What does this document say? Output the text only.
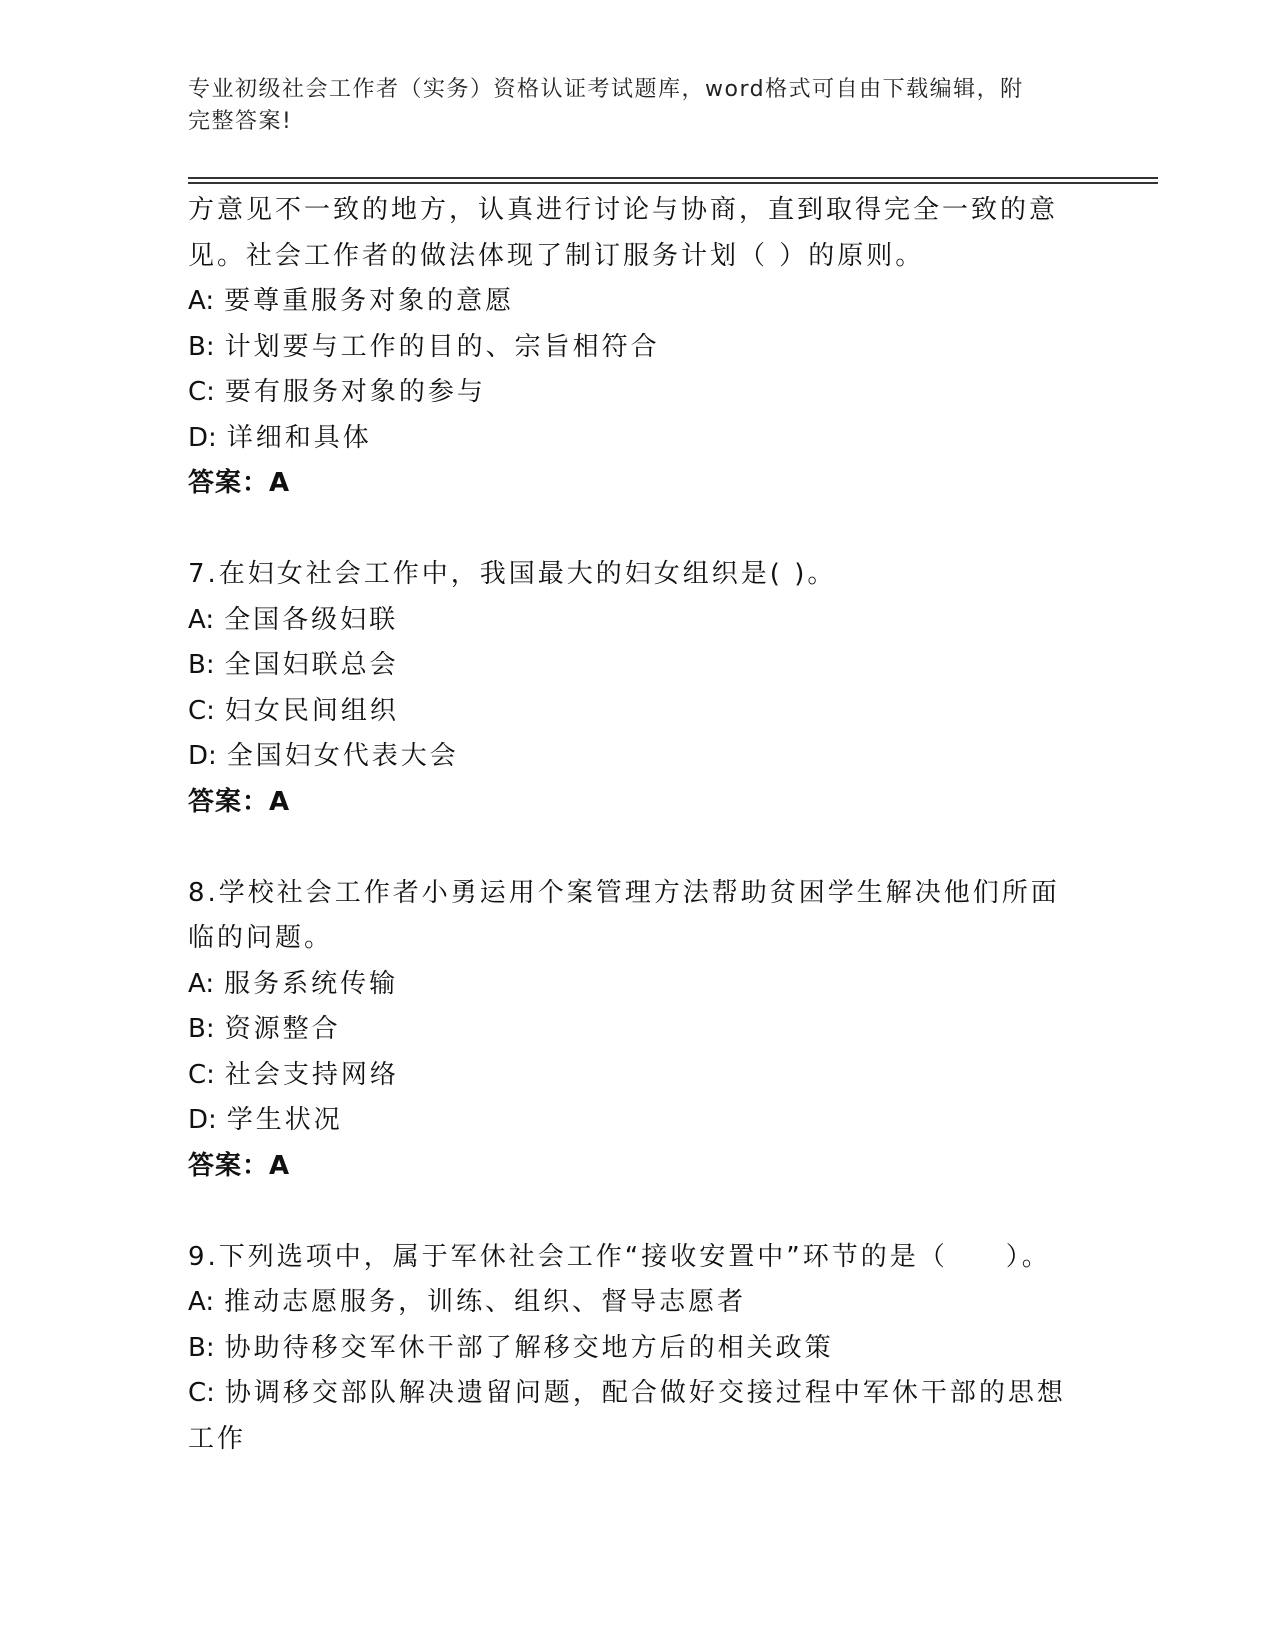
专业初级社会工作者（实务）资格认证考试题库，word格式可自由下载编辑，附
完整答案!
方意见不一致的地方，认真进行讨论与协商，直到取得完全一致的意
见。社会工作者的做法体现了制订服务计划（ ）的原则。
A: 要尊重服务对象的意愿
B: 计划要与工作的目的、宗旨相符合
C: 要有服务对象的参与
D: 详细和具体
答案：A
7.在妇女社会工作中，我国最大的妇女组织是( )。
A: 全国各级妇联
B: 全国妇联总会
C: 妇女民间组织
D: 全国妇女代表大会
答案：A
8.学校社会工作者小勇运用个案管理方法帮助贫困学生解决他们所面
临的问题。
A: 服务系统传输
B: 资源整合
C: 社会支持网络
D: 学生状况
答案：A
9.下列选项中，属于军休社会工作“接收安置中”环节的是（　　）。
A: 推动志愿服务，训练、组织、督导志愿者
B: 协助待移交军休干部了解移交地方后的相关政策
C: 协调移交部队解决遗留问题，配合做好交接过程中军休干部的思想
工作
